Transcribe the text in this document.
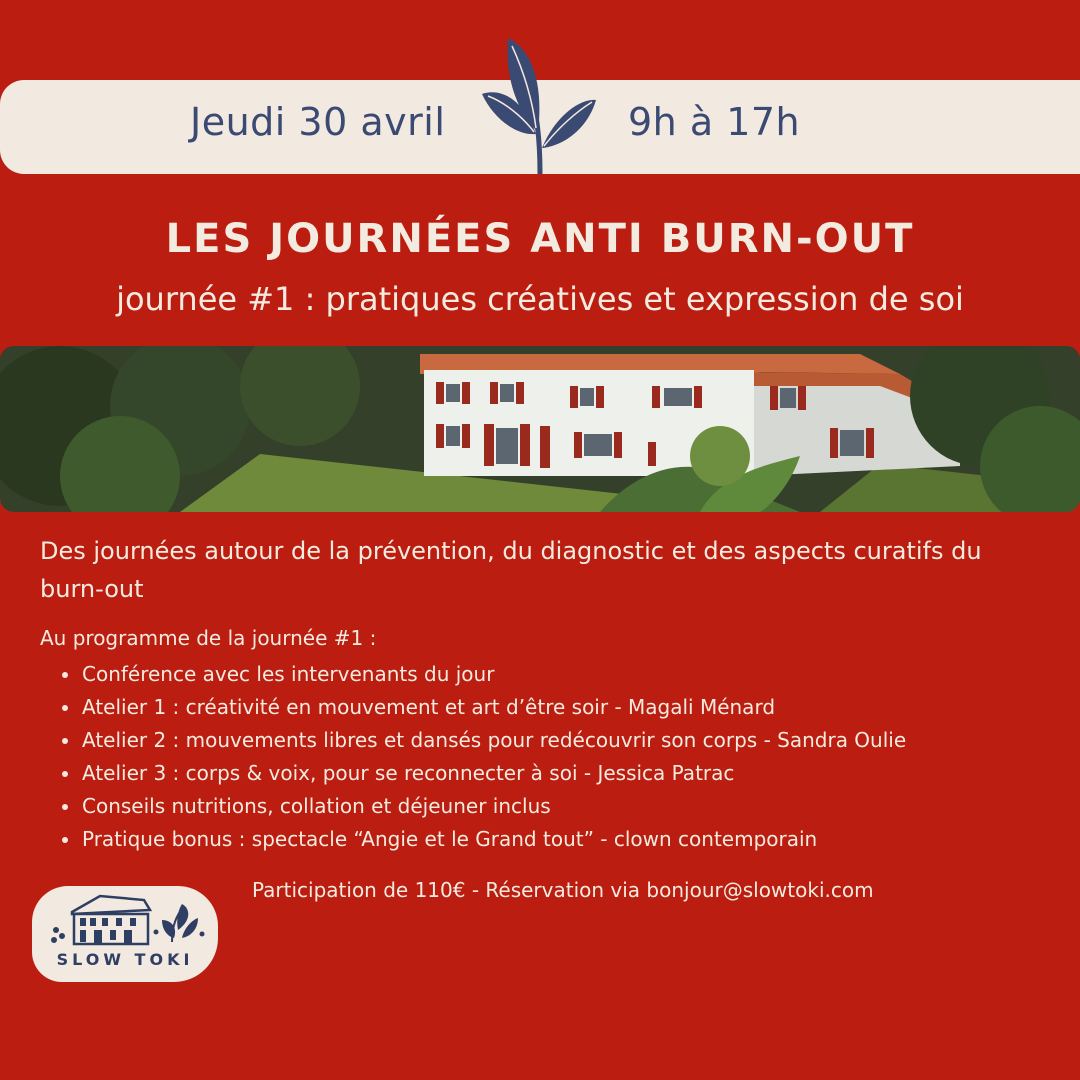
Jeudi 30 avril	9h à 17h
LES JOURNÉES ANTI BURN-OUT
journée #1 : pratiques créatives et expression de soi
Des journées autour de la prévention, du diagnostic et des aspects curatifs du burn-out
Au programme de la journée #1 :
Conférence avec les intervenants du jour
Atelier 1 : créativité en mouvement et art d’être soir - Magali Ménard
Atelier 2 : mouvements libres et dansés pour redécouvrir son corps - Sandra Oulie
Atelier 3 : corps & voix, pour se reconnecter à soi - Jessica Patrac
Conseils nutritions, collation et déjeuner inclus
Pratique bonus : spectacle “Angie et le Grand tout” - clown contemporain
Participation de 110€ - Réservation via bonjour@slowtoki.com
SLOW TOKI
